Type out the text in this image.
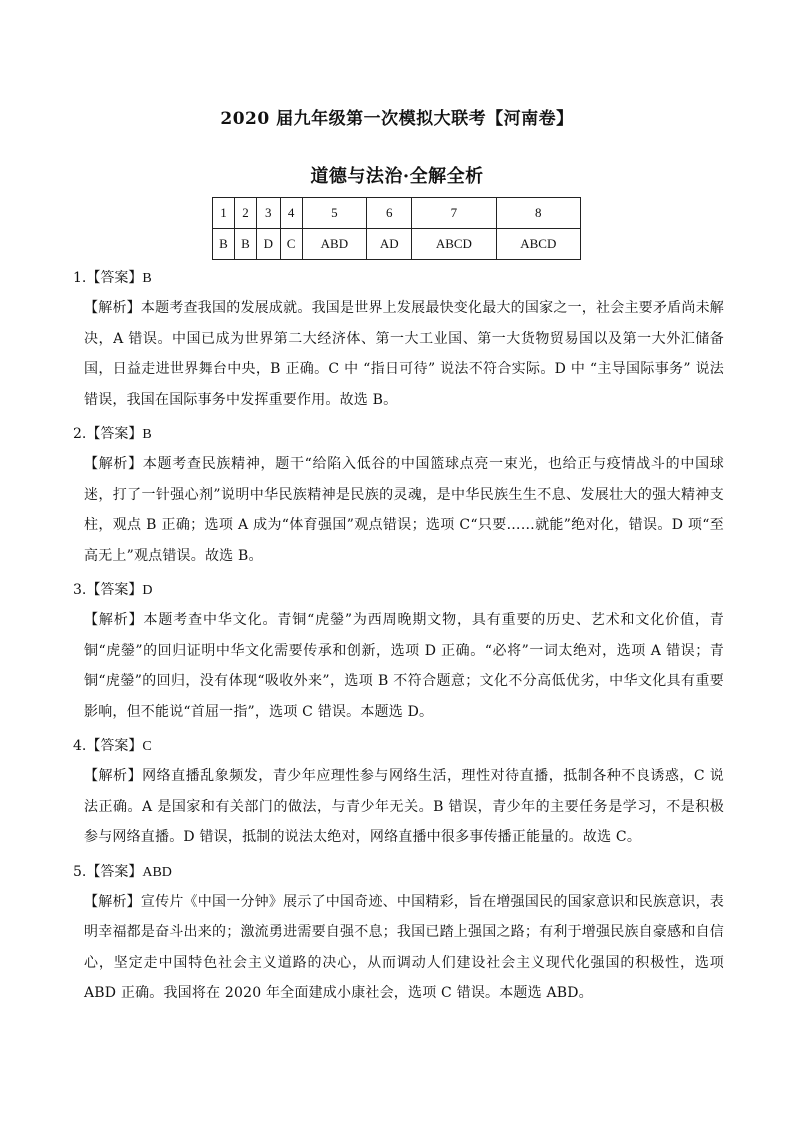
2020 届九年级第一次模拟大联考【河南卷】
道德与法治·全解全析
1	2	3	4	5	6	7	8
B	B	D	C	ABD	AD	ABCD	ABCD
1.【答案】B

【解析】本题考查我国的发展成就。我国是世界上发展最快变化最大的国家之一，社会主要矛盾尚未解决，A 错误。中国已成为世界第二大经济体、第一大工业国、第一大货物贸易国以及第一大外汇储备国，日益走进世界舞台中央，B 正确。C 中 “指日可待” 说法不符合实际。D 中 “主导国际事务” 说法错误，我国在国际事务中发挥重要作用。故选 B。

2.【答案】B

【解析】本题考查民族精神，题干“给陷入低谷的中国篮球点亮一束光，也给正与疫情战斗的中国球迷，打了一针强心剂”说明中华民族精神是民族的灵魂，是中华民族生生不息、发展壮大的强大精神支柱，观点 B 正确；选项 A 成为“体育强国”观点错误；选项 C“只要……就能”绝对化，错误。D 项“至高无上”观点错误。故选 B。

3.【答案】D

【解析】本题考查中华文化。青铜“虎鎣”为西周晚期文物，具有重要的历史、艺术和文化价值，青铜“虎鎣”的回归证明中华文化需要传承和创新，选项 D 正确。“必将”一词太绝对，选项 A 错误；青铜“虎鎣”的回归，没有体现“吸收外来”，选项 B 不符合题意；文化不分高低优劣，中华文化具有重要影响，但不能说“首屈一指”，选项 C 错误。本题选 D。

4.【答案】C

【解析】网络直播乱象频发，青少年应理性参与网络生活，理性对待直播，抵制各种不良诱惑，C 说法正确。A 是国家和有关部门的做法，与青少年无关。B 错误，青少年的主要任务是学习，不是积极参与网络直播。D 错误，抵制的说法太绝对，网络直播中很多事传播正能量的。故选 C。

5.【答案】ABD

【解析】宣传片《中国一分钟》展示了中国奇迹、中国精彩，旨在增强国民的国家意识和民族意识，表明幸福都是奋斗出来的；激流勇进需要自强不息；我国已踏上强国之路；有利于增强民族自豪感和自信心，坚定走中国特色社会主义道路的决心，从而调动人们建设社会主义现代化强国的积极性，选项 ABD 正确。我国将在 2020 年全面建成小康社会，选项 C 错误。本题选 ABD。
